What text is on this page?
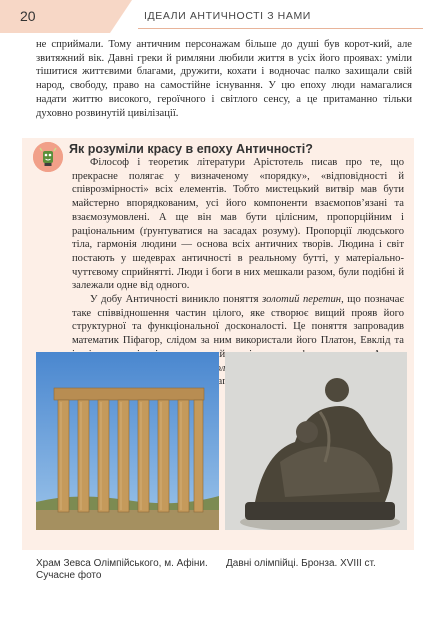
20	ІДЕАЛИ АНТИЧНОСТІ З НАМИ
не сприймали. Тому античним персонажам більше до душі був корот-кий, але звитяжний вік. Давні греки й римляни любили життя в усіх його проявах: уміли тішитися життєвими благами, дружити, кохати і водночас палко захищали свій народ, свободу, право на самостійне існування. У цю епоху люди намагалися надати життю високого, героїчного і світлого сенсу, а це притаманно тільки духовно розвинутій цивілізації.
Як розуміли красу в епоху Античності?

Філософ і теоретик літератури Арістотель писав про те, що прекрасне полягає у визначеному «порядку», «відповідності й співрозмірності» всіх елементів. Тобто мистецький витвір мав бути майстерно впорядкованим, усі його компоненти взаємопов’язані та взаємозумовлені. А ще він мав бути цілісним, пропорційним і раціональним (ґрунтуватися на засадах розуму). Пропорції людського тіла, гармонія людини — основа всіх античних творів. Людина і світ постають у шедеврах античності в реальному бутті, у матеріально-чуттєвому сприйнятті. Люди і боги в них мешкали разом, були подібні й залежали одне від одного.

У добу Античності виникло поняття золотий перетин, що позначає таке співвідношення частин цілого, яке створює вищий прояв його структурної та функціональної досконалості. Це поняття запровадив математик Піфагор, слідом за ним використали його Платон, Евклід та знайти

Храм Зевса Олімпійського, м. Афіни. Сучасне фото
Давні олімпійці. Бронза. XVIII ст.
